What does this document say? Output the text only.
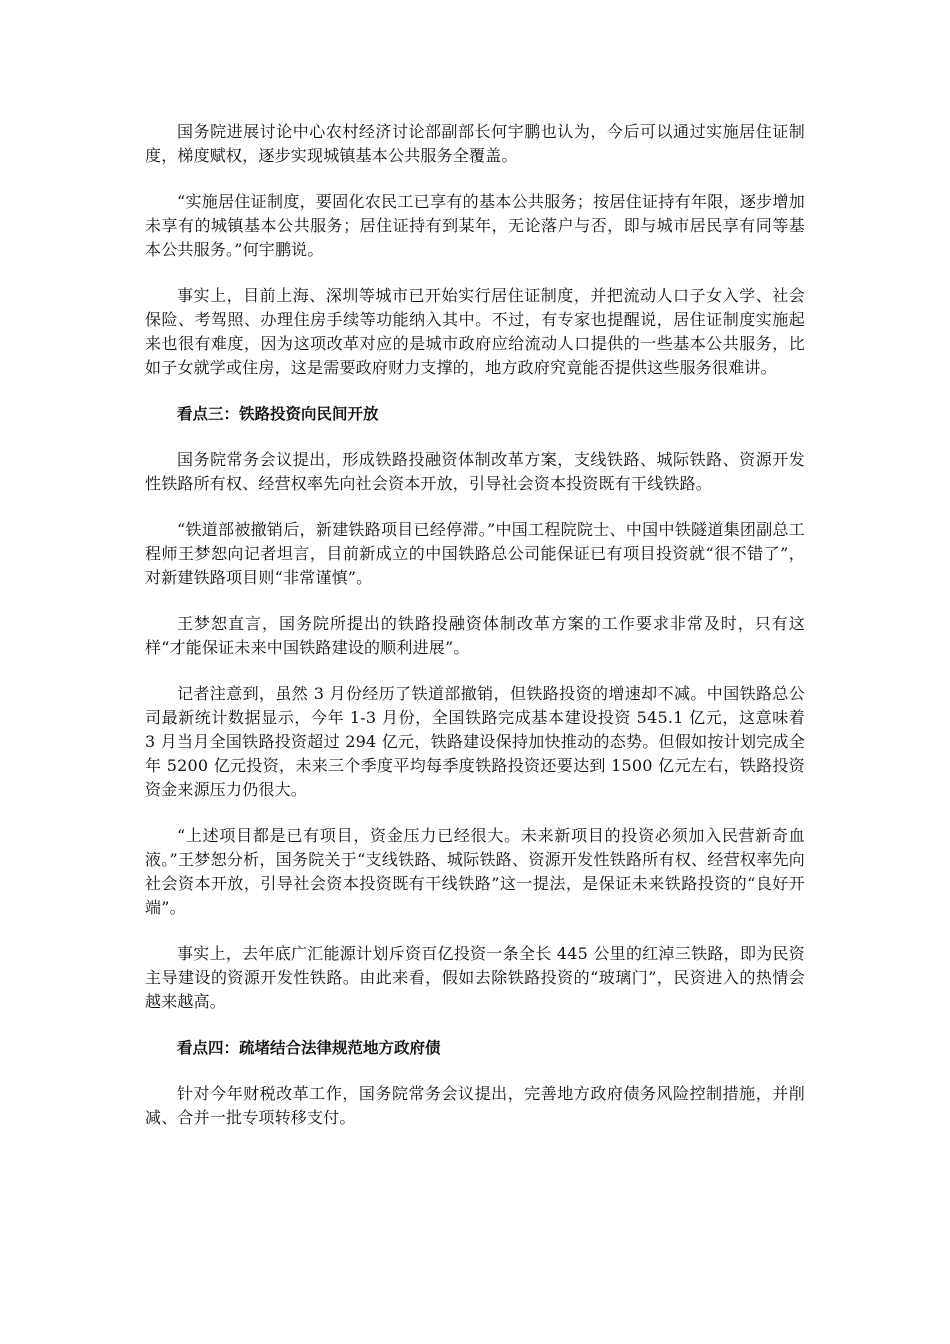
国务院进展讨论中心农村经济讨论部副部长何宇鹏也认为，今后可以通过实施居住证制度，梯度赋权，逐步实现城镇基本公共服务全覆盖。

“实施居住证制度，要固化农民工已享有的基本公共服务；按居住证持有年限，逐步增加未享有的城镇基本公共服务；居住证持有到某年，无论落户与否，即与城市居民享有同等基本公共服务。”何宇鹏说。

事实上，目前上海、深圳等城市已开始实行居住证制度，并把流动人口子女入学、社会保险、考驾照、办理住房手续等功能纳入其中。不过，有专家也提醒说，居住证制度实施起来也很有难度，因为这项改革对应的是城市政府应给流动人口提供的一些基本公共服务，比如子女就学或住房，这是需要政府财力支撑的，地方政府究竟能否提供这些服务很难讲。

看点三：铁路投资向民间开放

国务院常务会议提出，形成铁路投融资体制改革方案，支线铁路、城际铁路、资源开发性铁路所有权、经营权率先向社会资本开放，引导社会资本投资既有干线铁路。

“铁道部被撤销后，新建铁路项目已经停滞。”中国工程院院士、中国中铁隧道集团副总工程师王梦恕向记者坦言，目前新成立的中国铁路总公司能保证已有项目投资就“很不错了”，对新建铁路项目则“非常谨慎”。

王梦恕直言，国务院所提出的铁路投融资体制改革方案的工作要求非常及时，只有这样“才能保证未来中国铁路建设的顺利进展”。

记者注意到，虽然 3 月份经历了铁道部撤销，但铁路投资的增速却不减。中国铁路总公司最新统计数据显示，今年 1-3 月份，全国铁路完成基本建设投资 545.1 亿元，这意味着 3 月当月全国铁路投资超过 294 亿元，铁路建设保持加快推动的态势。但假如按计划完成全年 5200 亿元投资，未来三个季度平均每季度铁路投资还要达到 1500 亿元左右，铁路投资资金来源压力仍很大。

“上述项目都是已有项目，资金压力已经很大。未来新项目的投资必须加入民营新奇血液。”王梦恕分析，国务院关于“支线铁路、城际铁路、资源开发性铁路所有权、经营权率先向社会资本开放，引导社会资本投资既有干线铁路”这一提法，是保证未来铁路投资的“良好开端”。

事实上，去年底广汇能源计划斥资百亿投资一条全长 445 公里的红淖三铁路，即为民资主导建设的资源开发性铁路。由此来看，假如去除铁路投资的“玻璃门”，民资进入的热情会越来越高。

看点四：疏堵结合法律规范地方政府债

针对今年财税改革工作，国务院常务会议提出，完善地方政府债务风险控制措施，并削减、合并一批专项转移支付。
